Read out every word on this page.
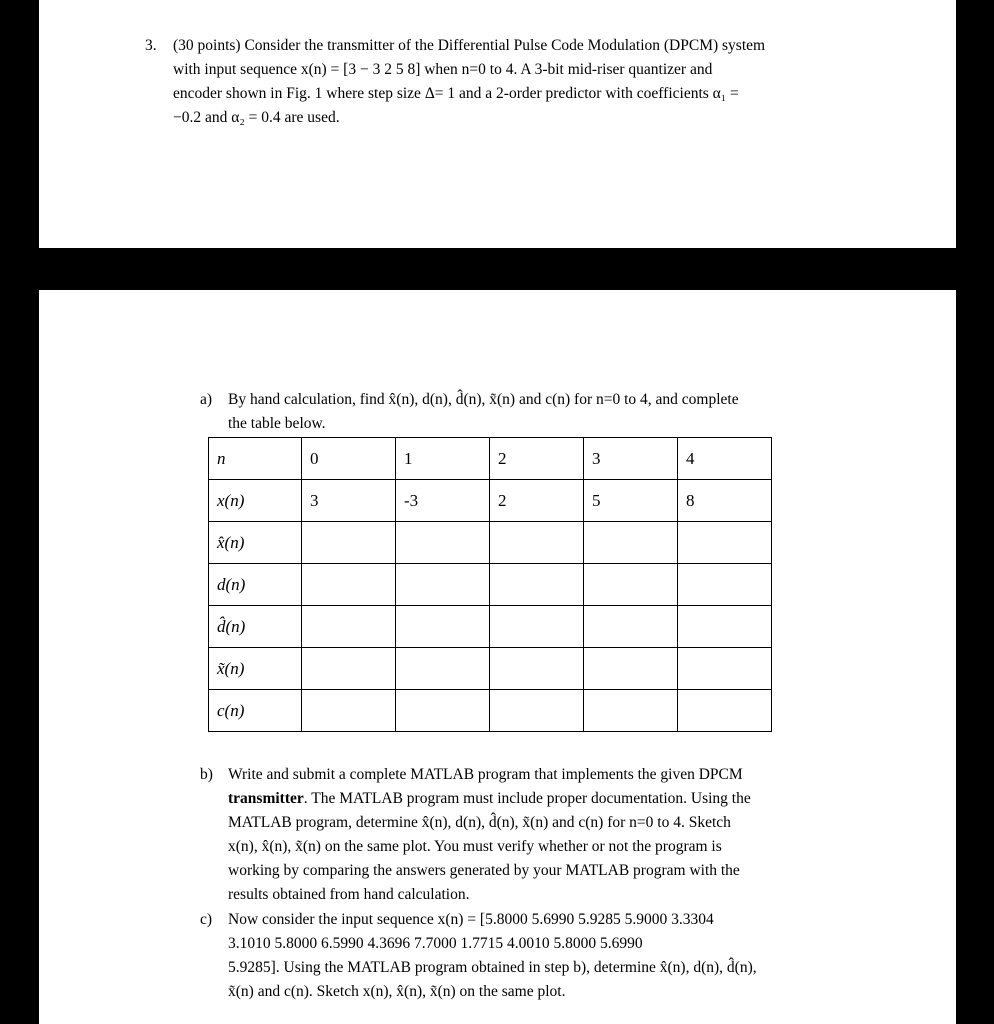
3. (30 points) Consider the transmitter of the Differential Pulse Code Modulation (DPCM) system
with input sequence x(n) = [3 − 3 2 5 8] when n=0 to 4. A 3-bit mid-riser quantizer and
encoder shown in Fig. 1 where step size Δ= 1 and a 2-order predictor with coefficients α₁ =
−0.2 and α₂ = 0.4 are used.
a) By hand calculation, find x̂(n), d(n), d̂(n), x̃(n) and c(n) for n=0 to 4, and complete
the table below.
n	0	1	2	3	4
x(n)	3	-3	2	5	8
x̂(n)					
d(n)					
d̂(n)					
x̃(n)					
c(n)					
b) Write and submit a complete MATLAB program that implements the given DPCM
transmitter. The MATLAB program must include proper documentation. Using the
MATLAB program, determine x̂(n), d(n), d̂(n), x̃(n) and c(n) for n=0 to 4. Sketch
x(n), x̂(n), x̃(n) on the same plot. You must verify whether or not the program is
working by comparing the answers generated by your MATLAB program with the
results obtained from hand calculation.
c) Now consider the input sequence x(n) = [5.8000 5.6990 5.9285 5.9000 3.3304
3.1010 5.8000 6.5990 4.3696 7.7000 1.7715 4.0010 5.8000 5.6990
5.9285]. Using the MATLAB program obtained in step b), determine x̂(n), d(n), d̂(n),
x̃(n) and c(n). Sketch x(n), x̂(n), x̃(n) on the same plot.
